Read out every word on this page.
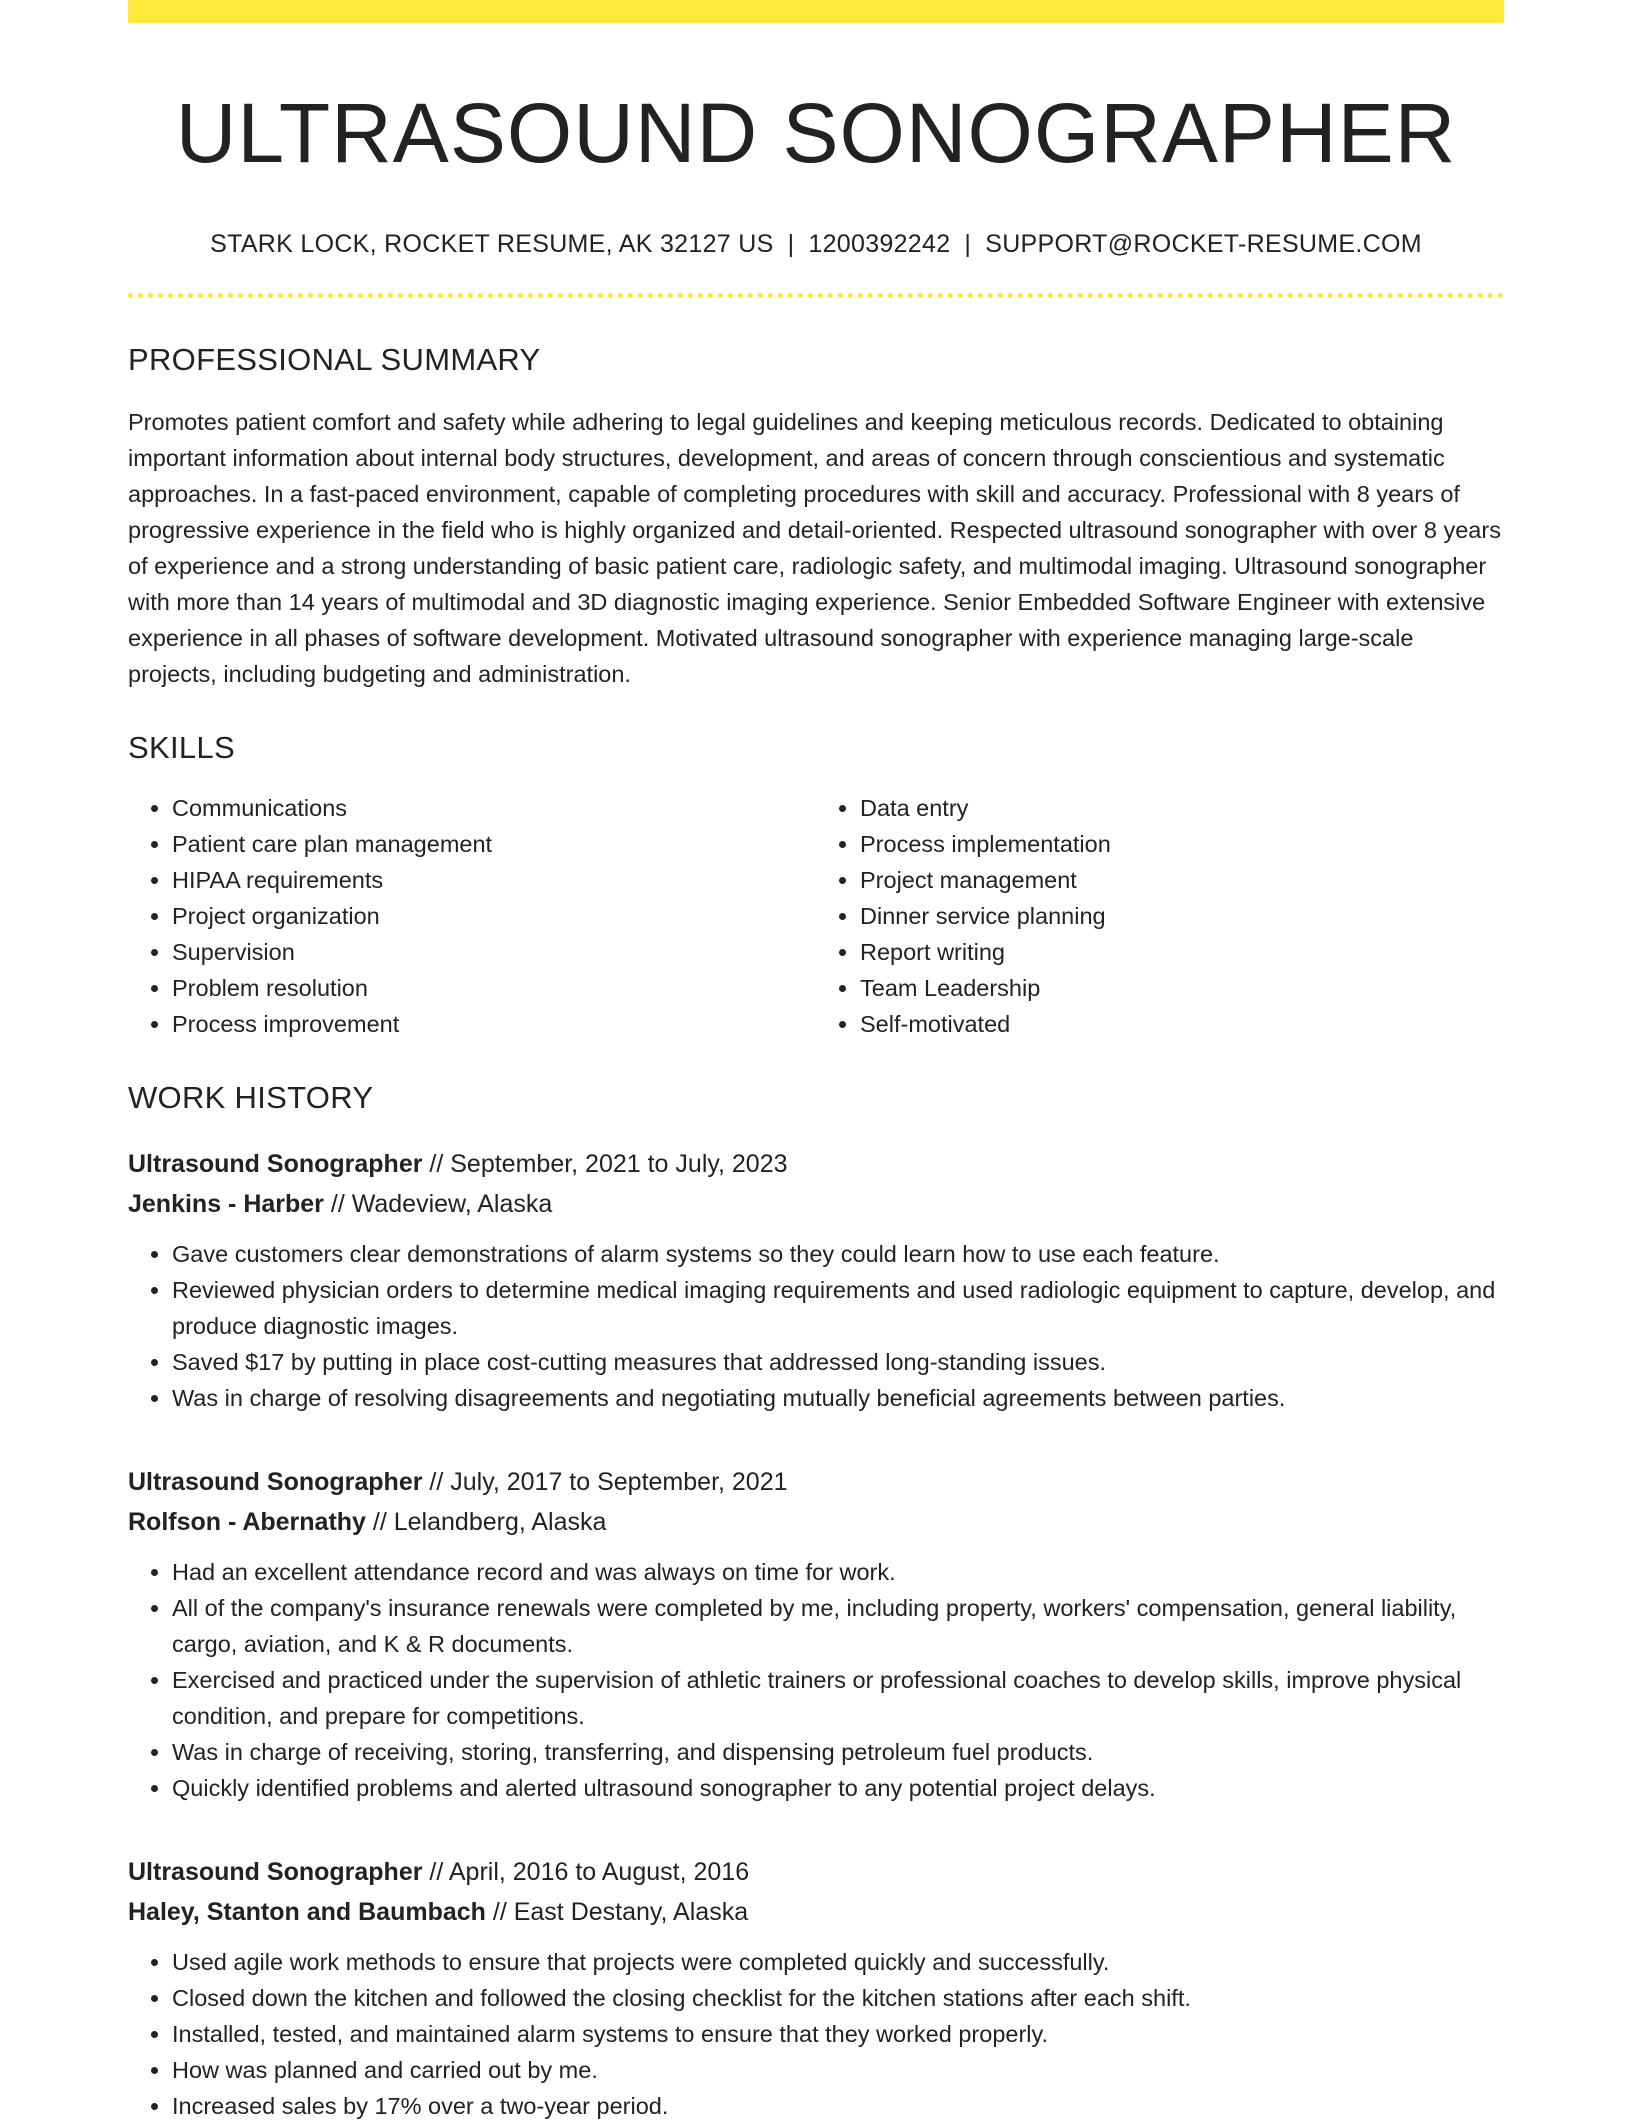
ULTRASOUND SONOGRAPHER
STARK LOCK, ROCKET RESUME, AK 32127 US | 1200392242 | SUPPORT@ROCKET-RESUME.COM
PROFESSIONAL SUMMARY
Promotes patient comfort and safety while adhering to legal guidelines and keeping meticulous records. Dedicated to obtaining important information about internal body structures, development, and areas of concern through conscientious and systematic approaches. In a fast-paced environment, capable of completing procedures with skill and accuracy. Professional with 8 years of progressive experience in the field who is highly organized and detail-oriented. Respected ultrasound sonographer with over 8 years of experience and a strong understanding of basic patient care, radiologic safety, and multimodal imaging. Ultrasound sonographer with more than 14 years of multimodal and 3D diagnostic imaging experience. Senior Embedded Software Engineer with extensive experience in all phases of software development. Motivated ultrasound sonographer with experience managing large-scale projects, including budgeting and administration.
SKILLS
• Communications
• Patient care plan management
• HIPAA requirements
• Project organization
• Supervision
• Problem resolution
• Process improvement
• Data entry
• Process implementation
• Project management
• Dinner service planning
• Report writing
• Team Leadership
• Self-motivated
WORK HISTORY
Ultrasound Sonographer // September, 2021 to July, 2023
Jenkins - Harber // Wadeview, Alaska
• Gave customers clear demonstrations of alarm systems so they could learn how to use each feature.
• Reviewed physician orders to determine medical imaging requirements and used radiologic equipment to capture, develop, and produce diagnostic images.
• Saved $17 by putting in place cost-cutting measures that addressed long-standing issues.
• Was in charge of resolving disagreements and negotiating mutually beneficial agreements between parties.
Ultrasound Sonographer // July, 2017 to September, 2021
Rolfson - Abernathy // Lelandberg, Alaska
• Had an excellent attendance record and was always on time for work.
• All of the company's insurance renewals were completed by me, including property, workers' compensation, general liability, cargo, aviation, and K & R documents.
• Exercised and practiced under the supervision of athletic trainers or professional coaches to develop skills, improve physical condition, and prepare for competitions.
• Was in charge of receiving, storing, transferring, and dispensing petroleum fuel products.
• Quickly identified problems and alerted ultrasound sonographer to any potential project delays.
Ultrasound Sonographer // April, 2016 to August, 2016
Haley, Stanton and Baumbach // East Destany, Alaska
• Used agile work methods to ensure that projects were completed quickly and successfully.
• Closed down the kitchen and followed the closing checklist for the kitchen stations after each shift.
• Installed, tested, and maintained alarm systems to ensure that they worked properly.
• How was planned and carried out by me.
• Increased sales by 17% over a two-year period.
